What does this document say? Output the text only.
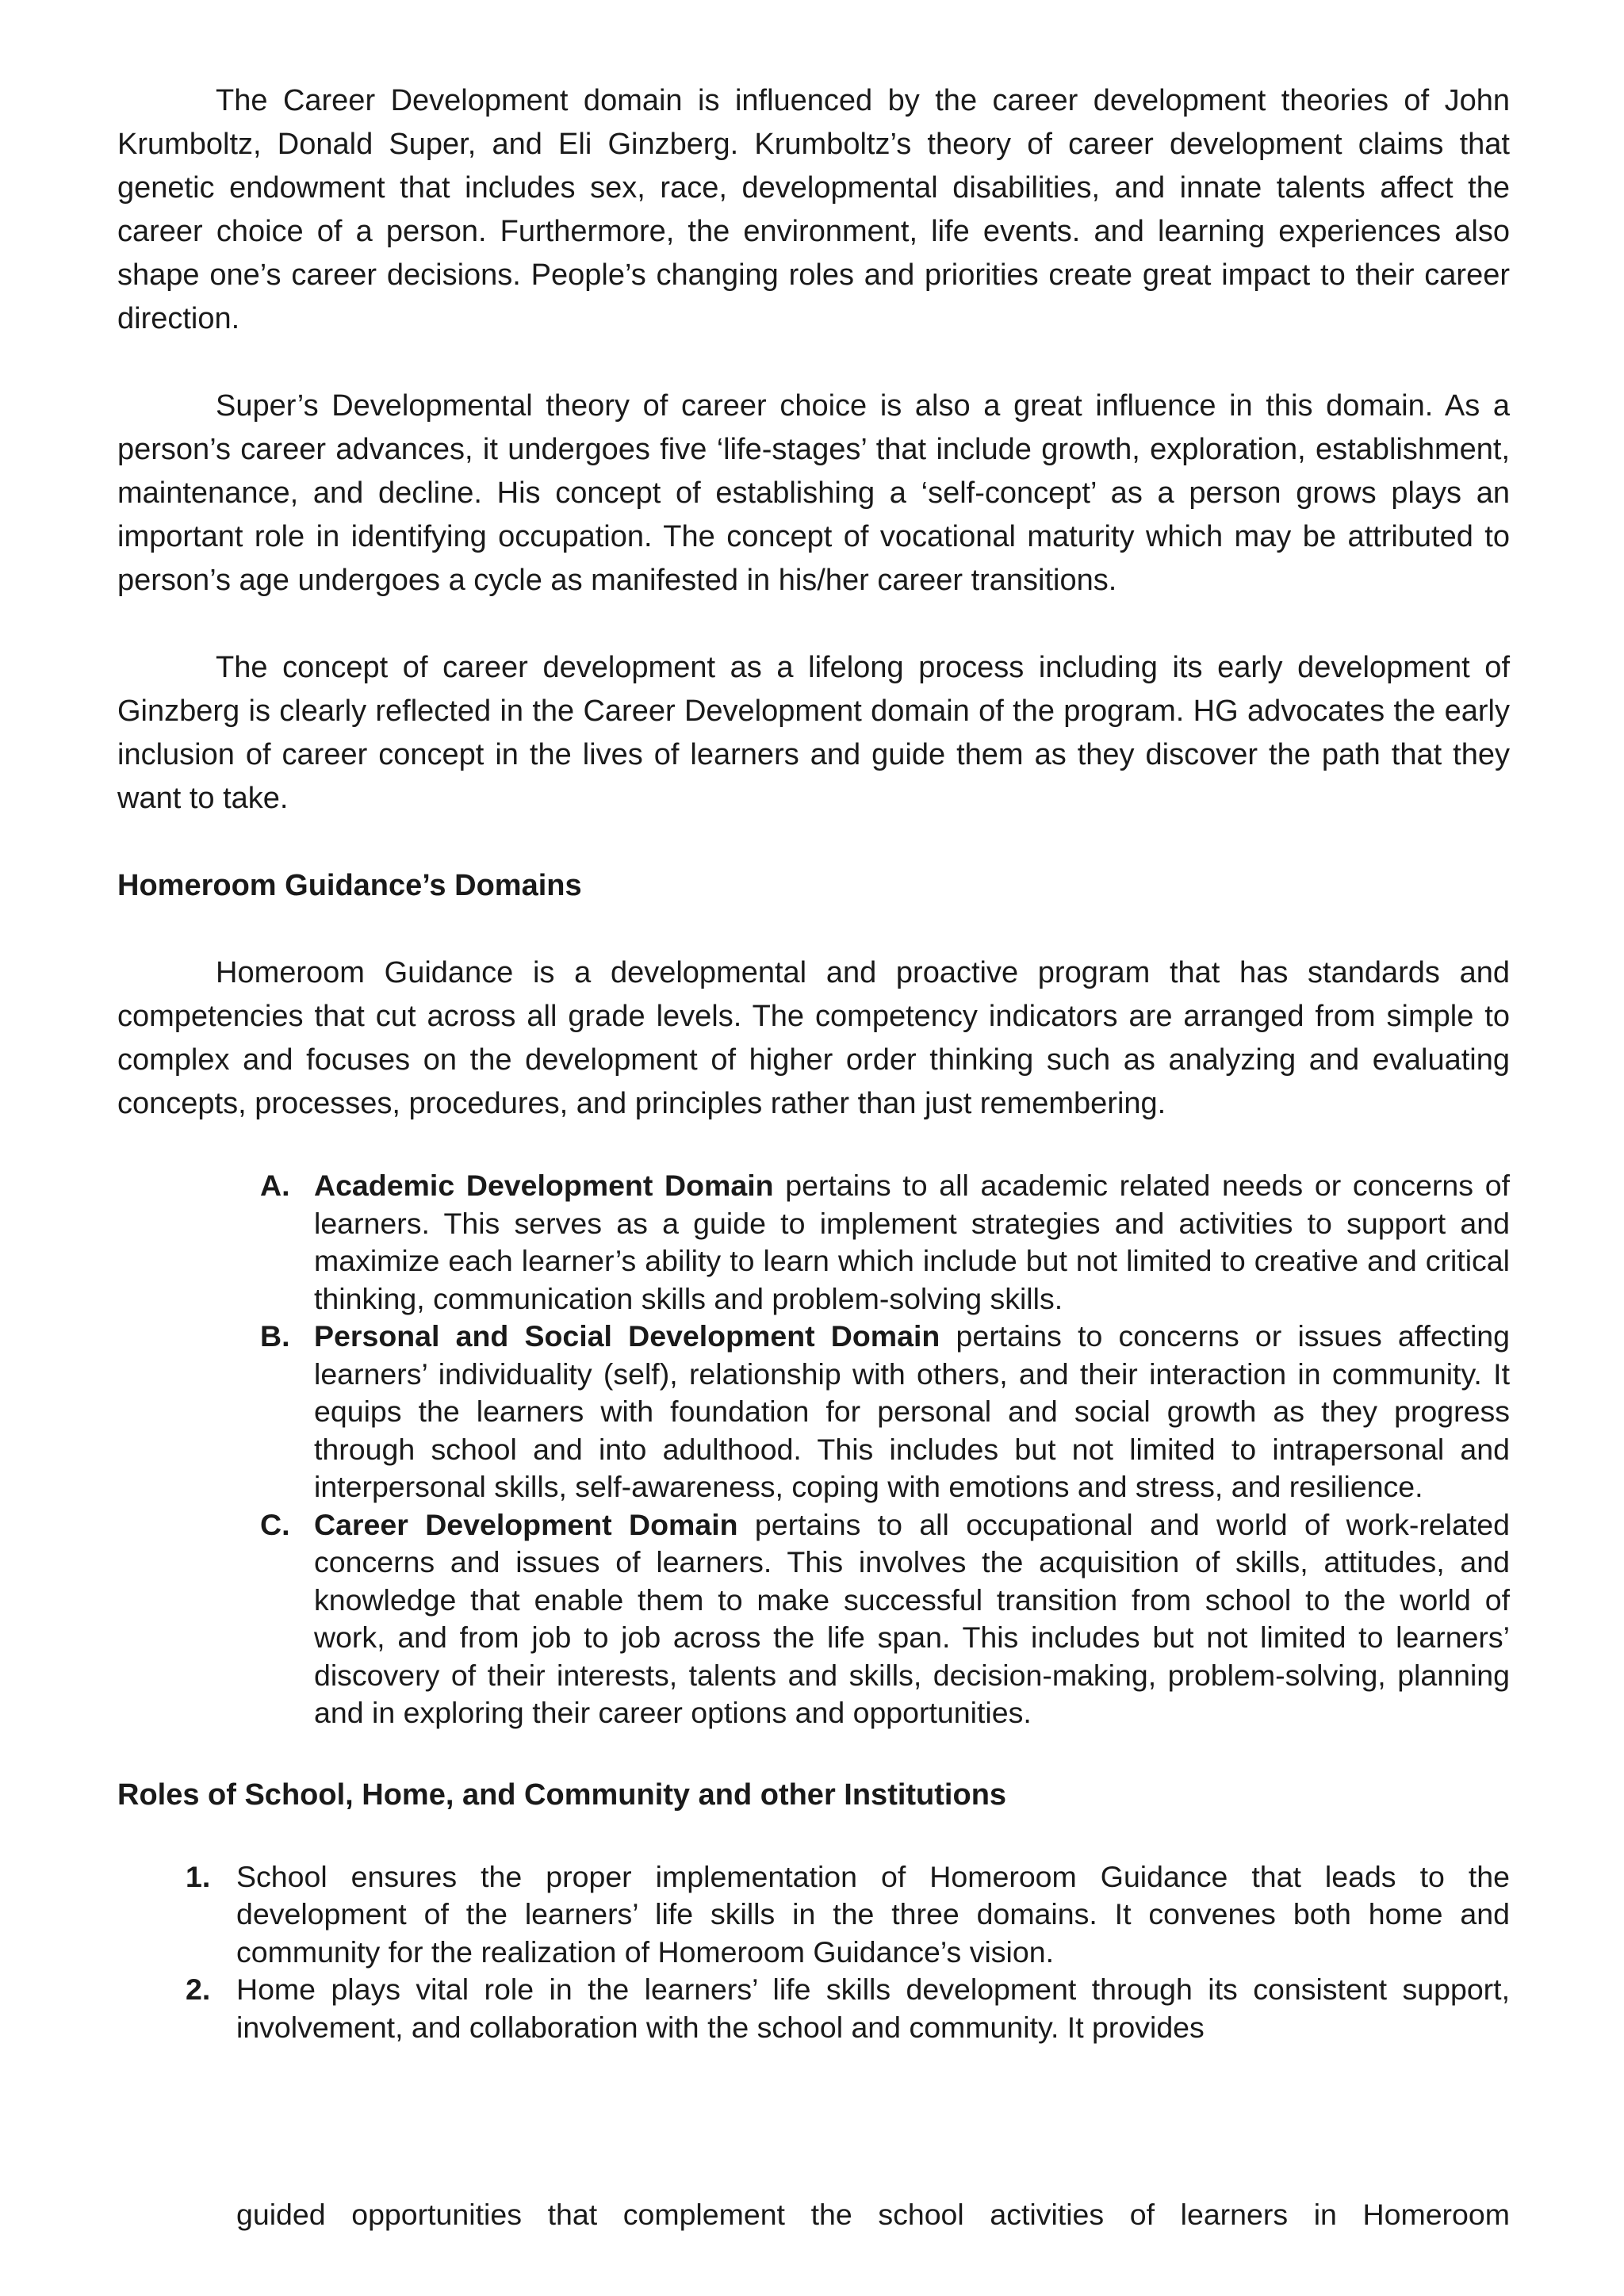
The Career Development domain is influenced by the career development theories of John Krumboltz, Donald Super, and Eli Ginzberg. Krumboltz’s theory of career development claims that genetic endowment that includes sex, race, developmental disabilities, and innate talents affect the career choice of a person. Furthermore, the environment, life events. and learning experiences also shape one’s career decisions. People’s changing roles and priorities create great impact to their career direction.

Super’s Developmental theory of career choice is also a great influence in this domain. As a person’s career advances, it undergoes five ‘life-stages’ that include growth, exploration, establishment, maintenance, and decline. His concept of establishing a ‘self-concept’ as a person grows plays an important role in identifying occupation. The concept of vocational maturity which may be attributed to person’s age undergoes a cycle as manifested in his/her career transitions.

The concept of career development as a lifelong process including its early development of Ginzberg is clearly reflected in the Career Development domain of the program. HG advocates the early inclusion of career concept in the lives of learners and guide them as they discover the path that they want to take.

Homeroom Guidance’s Domains

Homeroom Guidance is a developmental and proactive program that has standards and competencies that cut across all grade levels. The competency indicators are arranged from simple to complex and focuses on the development of higher order thinking such as analyzing and evaluating concepts, processes, procedures, and principles rather than just remembering.

A. Academic Development Domain pertains to all academic related needs or concerns of learners. This serves as a guide to implement strategies and activities to support and maximize each learner’s ability to learn which include but not limited to creative and critical thinking, communication skills and problem-solving skills.
B. Personal and Social Development Domain pertains to concerns or issues affecting learners’ individuality (self), relationship with others, and their interaction in community. It equips the learners with foundation for personal and social growth as they progress through school and into adulthood. This includes but not limited to intrapersonal and interpersonal skills, self-awareness, coping with emotions and stress, and resilience.
C. Career Development Domain pertains to all occupational and world of work-related concerns and issues of learners. This involves the acquisition of skills, attitudes, and knowledge that enable them to make successful transition from school to the world of work, and from job to job across the life span. This includes but not limited to learners’ discovery of their interests, talents and skills, decision-making, problem-solving, planning and in exploring their career options and opportunities.
Roles of School, Home, and Community and other Institutions
1. School ensures the proper implementation of Homeroom Guidance that leads to the development of the learners’ life skills in the three domains. It convenes both home and community for the realization of Homeroom Guidance’s vision.
2. Home plays vital role in the learners’ life skills development through its consistent support, involvement, and collaboration with the school and community. It provides
guided opportunities that complement the school activities of learners in Homeroom
